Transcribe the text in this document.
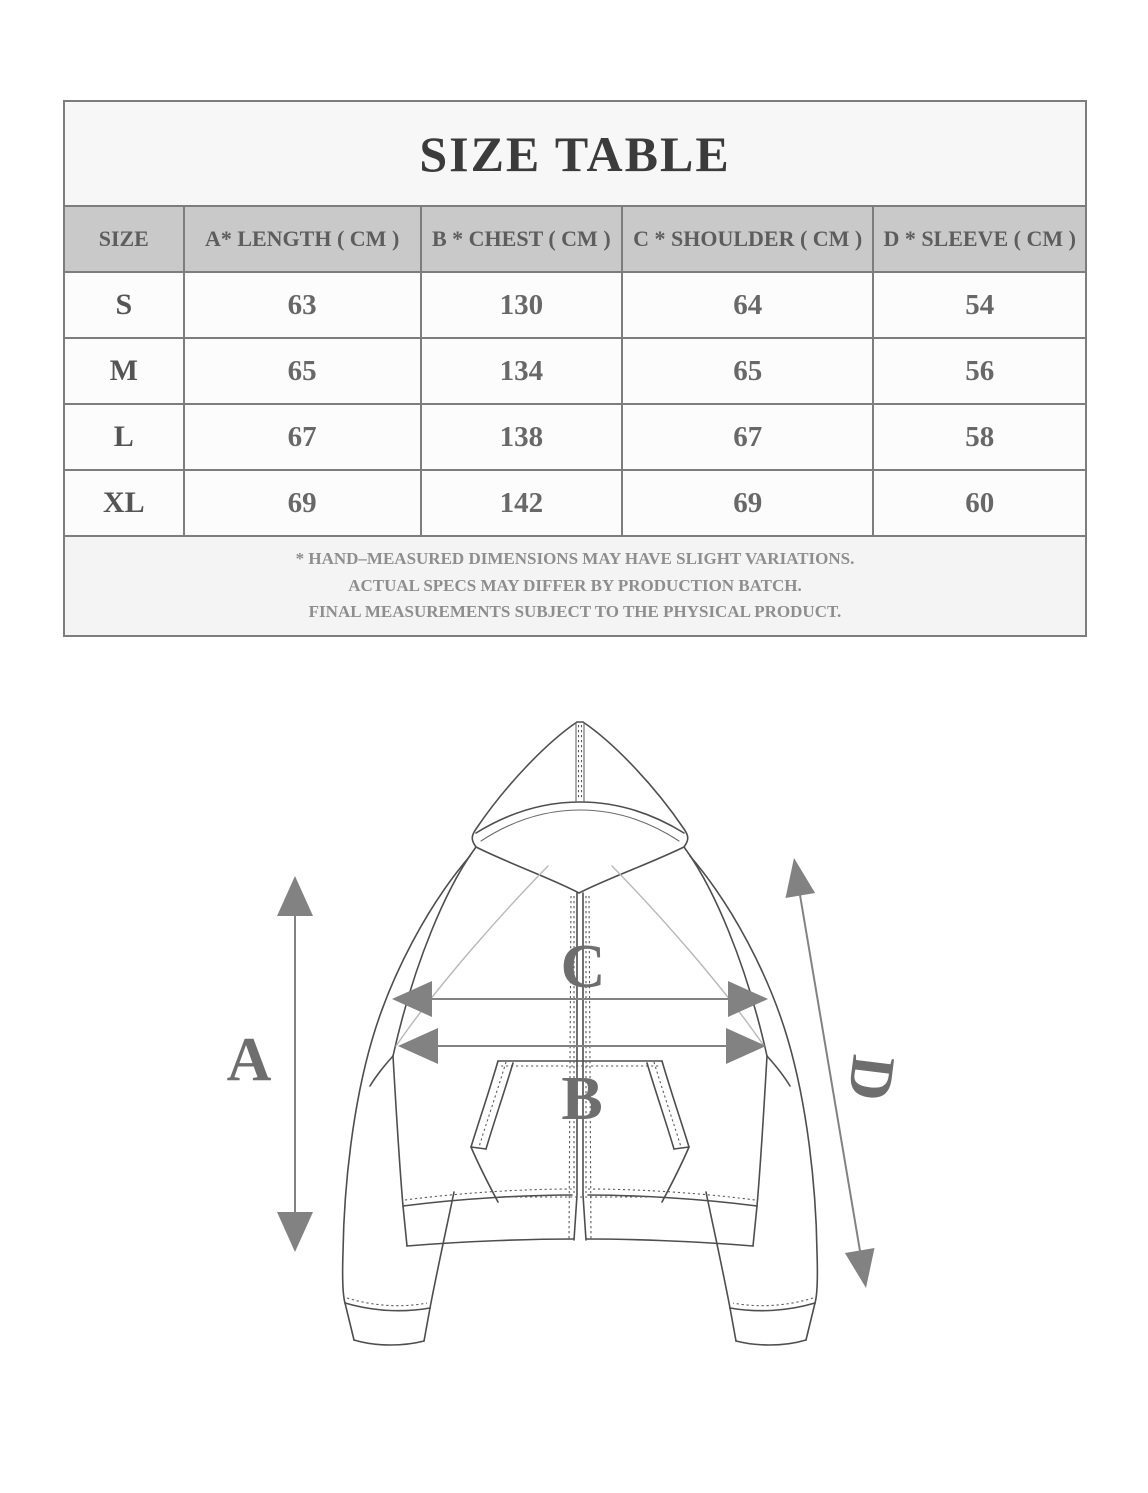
SIZE TABLE				
SIZE	A* LENGTH ( CM )	B * CHEST ( CM )	C * SHOULDER ( CM )	D * SLEEVE ( CM )
S	63	130	64	54
M	65	134	65	56
L	67	138	67	58
XL	69	142	69	60

* HAND–MEASURED DIMENSIONS MAY HAVE SLIGHT VARIATIONS.
ACTUAL SPECS MAY DIFFER BY PRODUCTION BATCH.
FINAL MEASUREMENTS SUBJECT TO THE PHYSICAL PRODUCT.				
A
C
B	D
